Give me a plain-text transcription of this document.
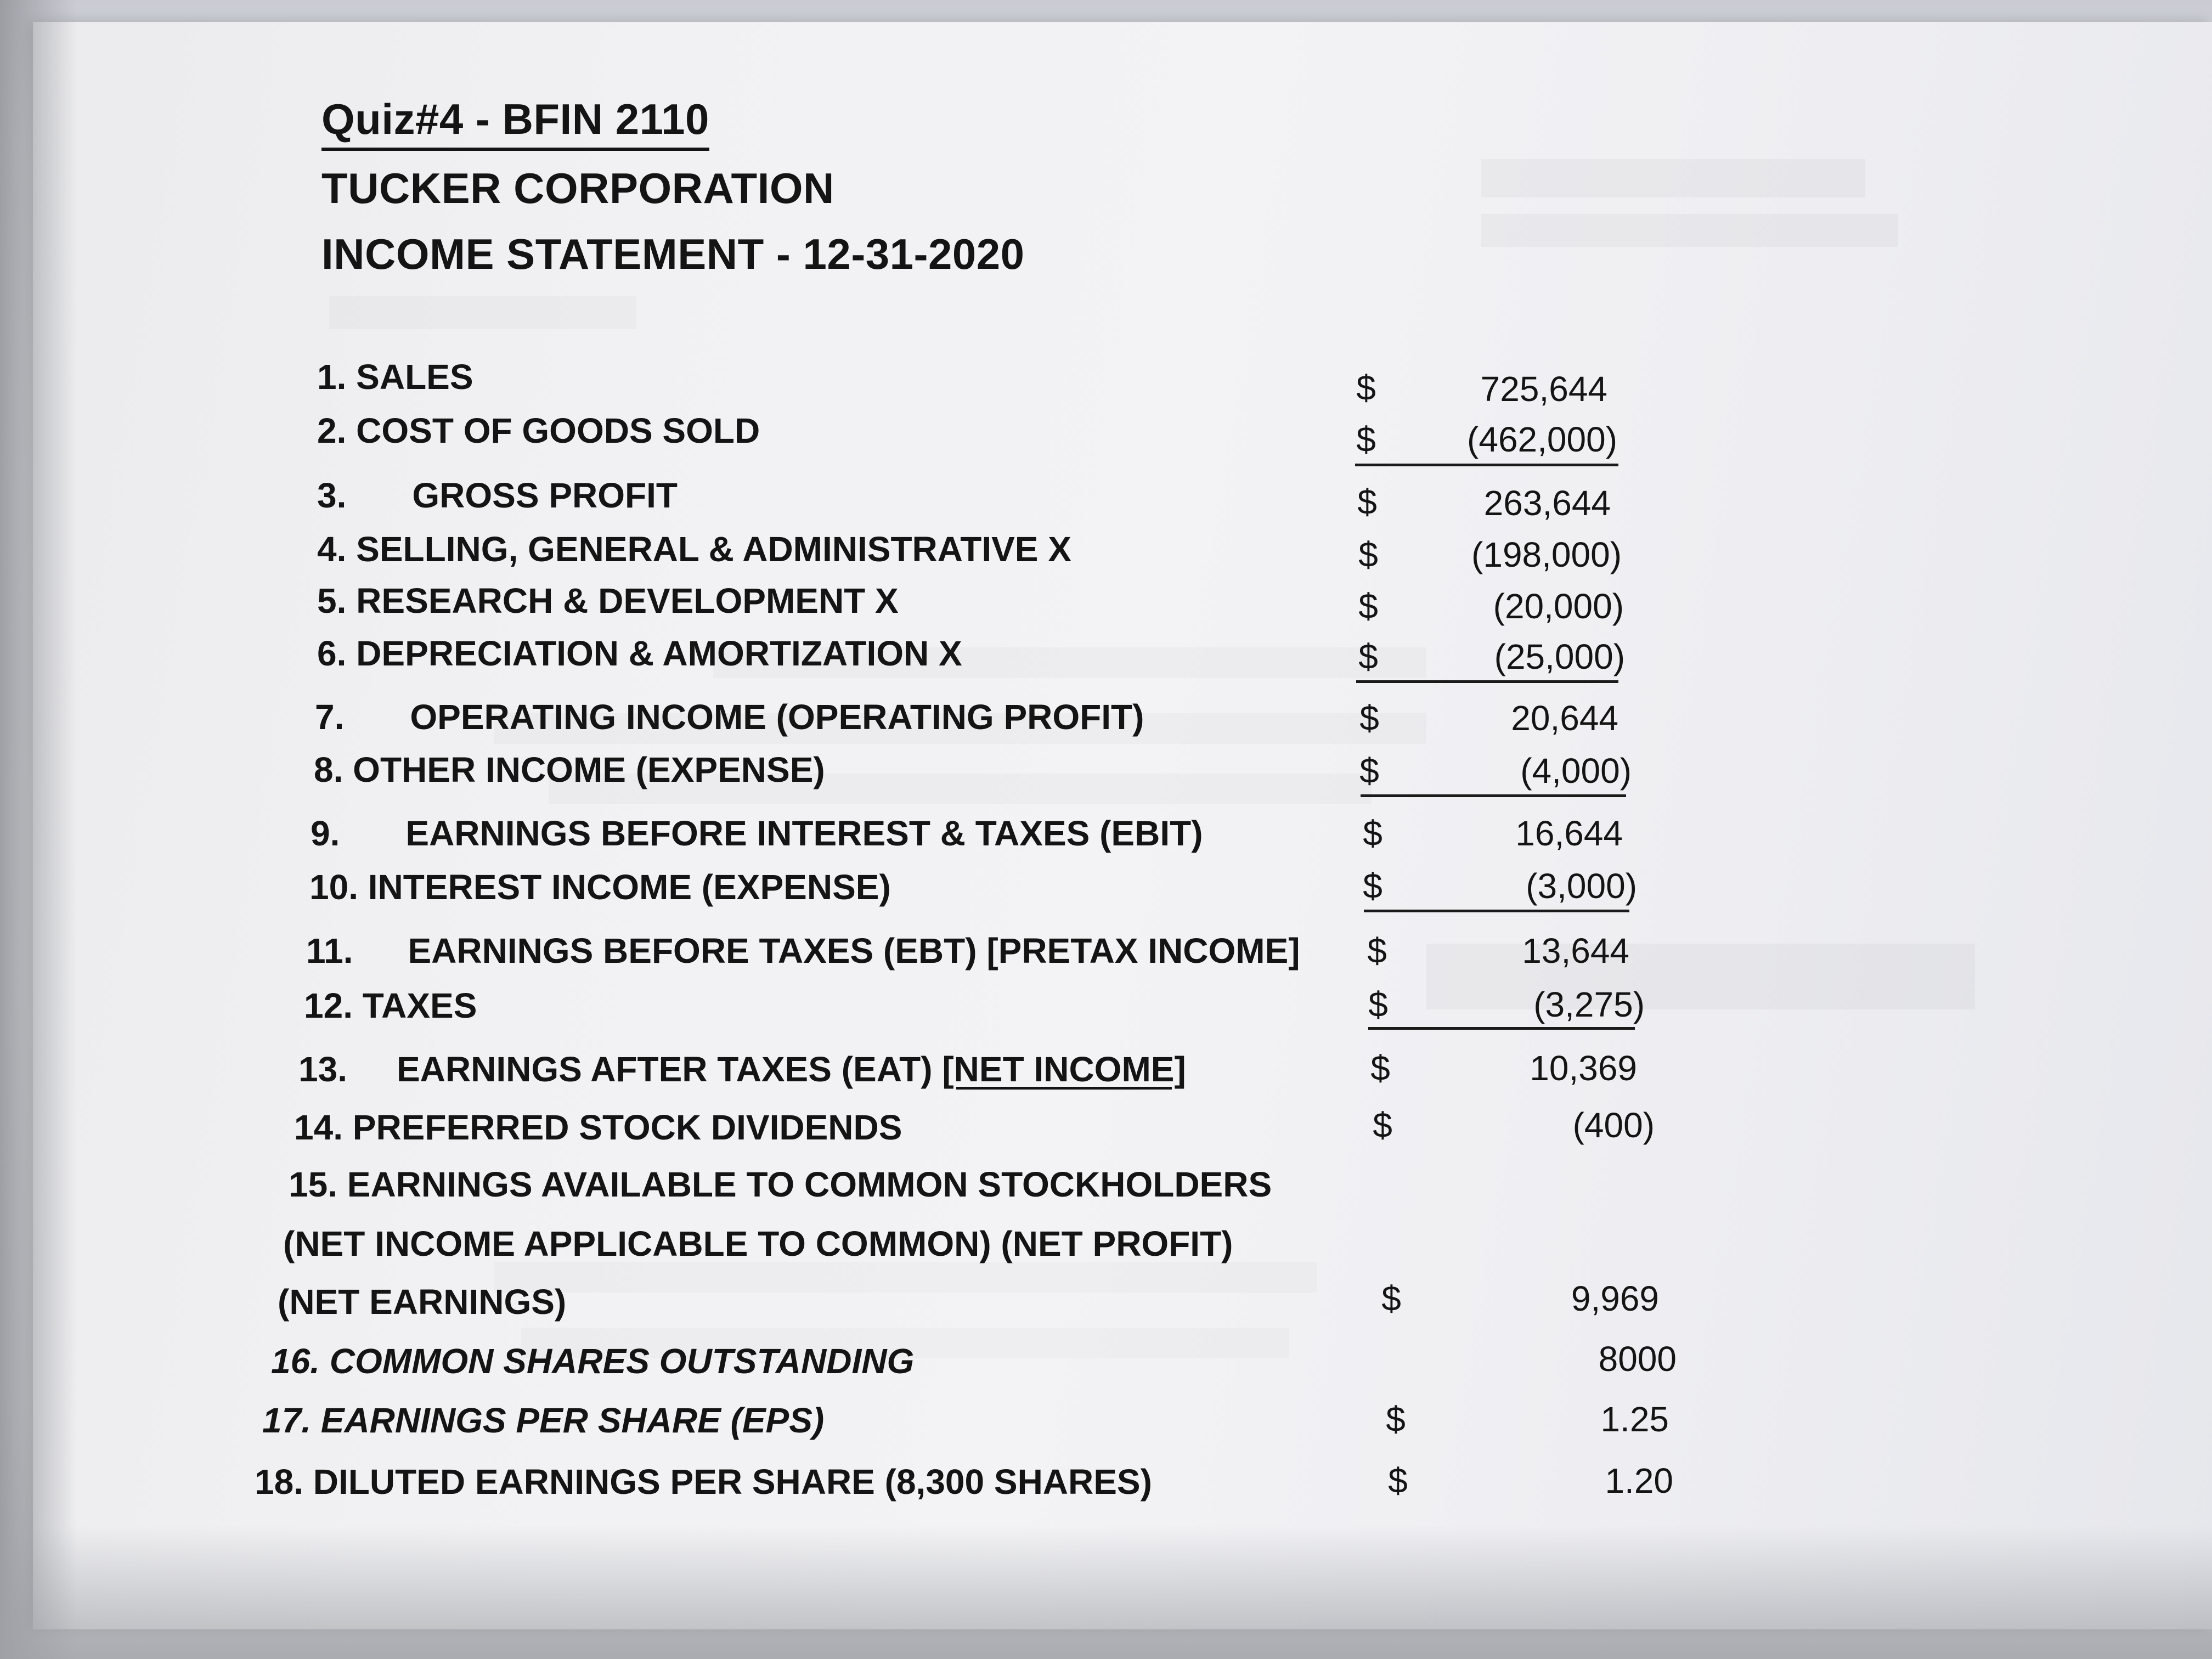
Quiz#4 - BFIN 2110
TUCKER CORPORATION
INCOME STATEMENT - 12-31-2020
1. SALES	$	725,644
2. COST OF GOODS SOLD	$	(462,000)
3. GROSS PROFIT	$	263,644
4. SELLING, GENERAL & ADMINISTRATIVE X	$	(198,000)
5. RESEARCH & DEVELOPMENT X	$	(20,000)
6. DEPRECIATION & AMORTIZATION X	$	(25,000)
7. OPERATING INCOME (OPERATING PROFIT)	$	20,644
8. OTHER INCOME (EXPENSE)	$	(4,000)
9. EARNINGS BEFORE INTEREST & TAXES (EBIT)	$	16,644
10. INTEREST INCOME (EXPENSE)	$	(3,000)
11. EARNINGS BEFORE TAXES (EBT) [PRETAX INCOME] $	13,644
12. TAXES	$	(3,275)
13. EARNINGS AFTER TAXES (EAT) [NET INCOME]	$	10,369
14. PREFERRED STOCK DIVIDENDS	$	(400)
15. EARNINGS AVAILABLE TO COMMON STOCKHOLDERS
(NET INCOME APPLICABLE TO COMMON) (NET PROFIT)
(NET EARNINGS)	$	9,969
16. COMMON SHARES OUTSTANDING	8000
17. EARNINGS PER SHARE (EPS)	$	1.25
18. DILUTED EARNINGS PER SHARE (8,300 SHARES)	$	1.20
